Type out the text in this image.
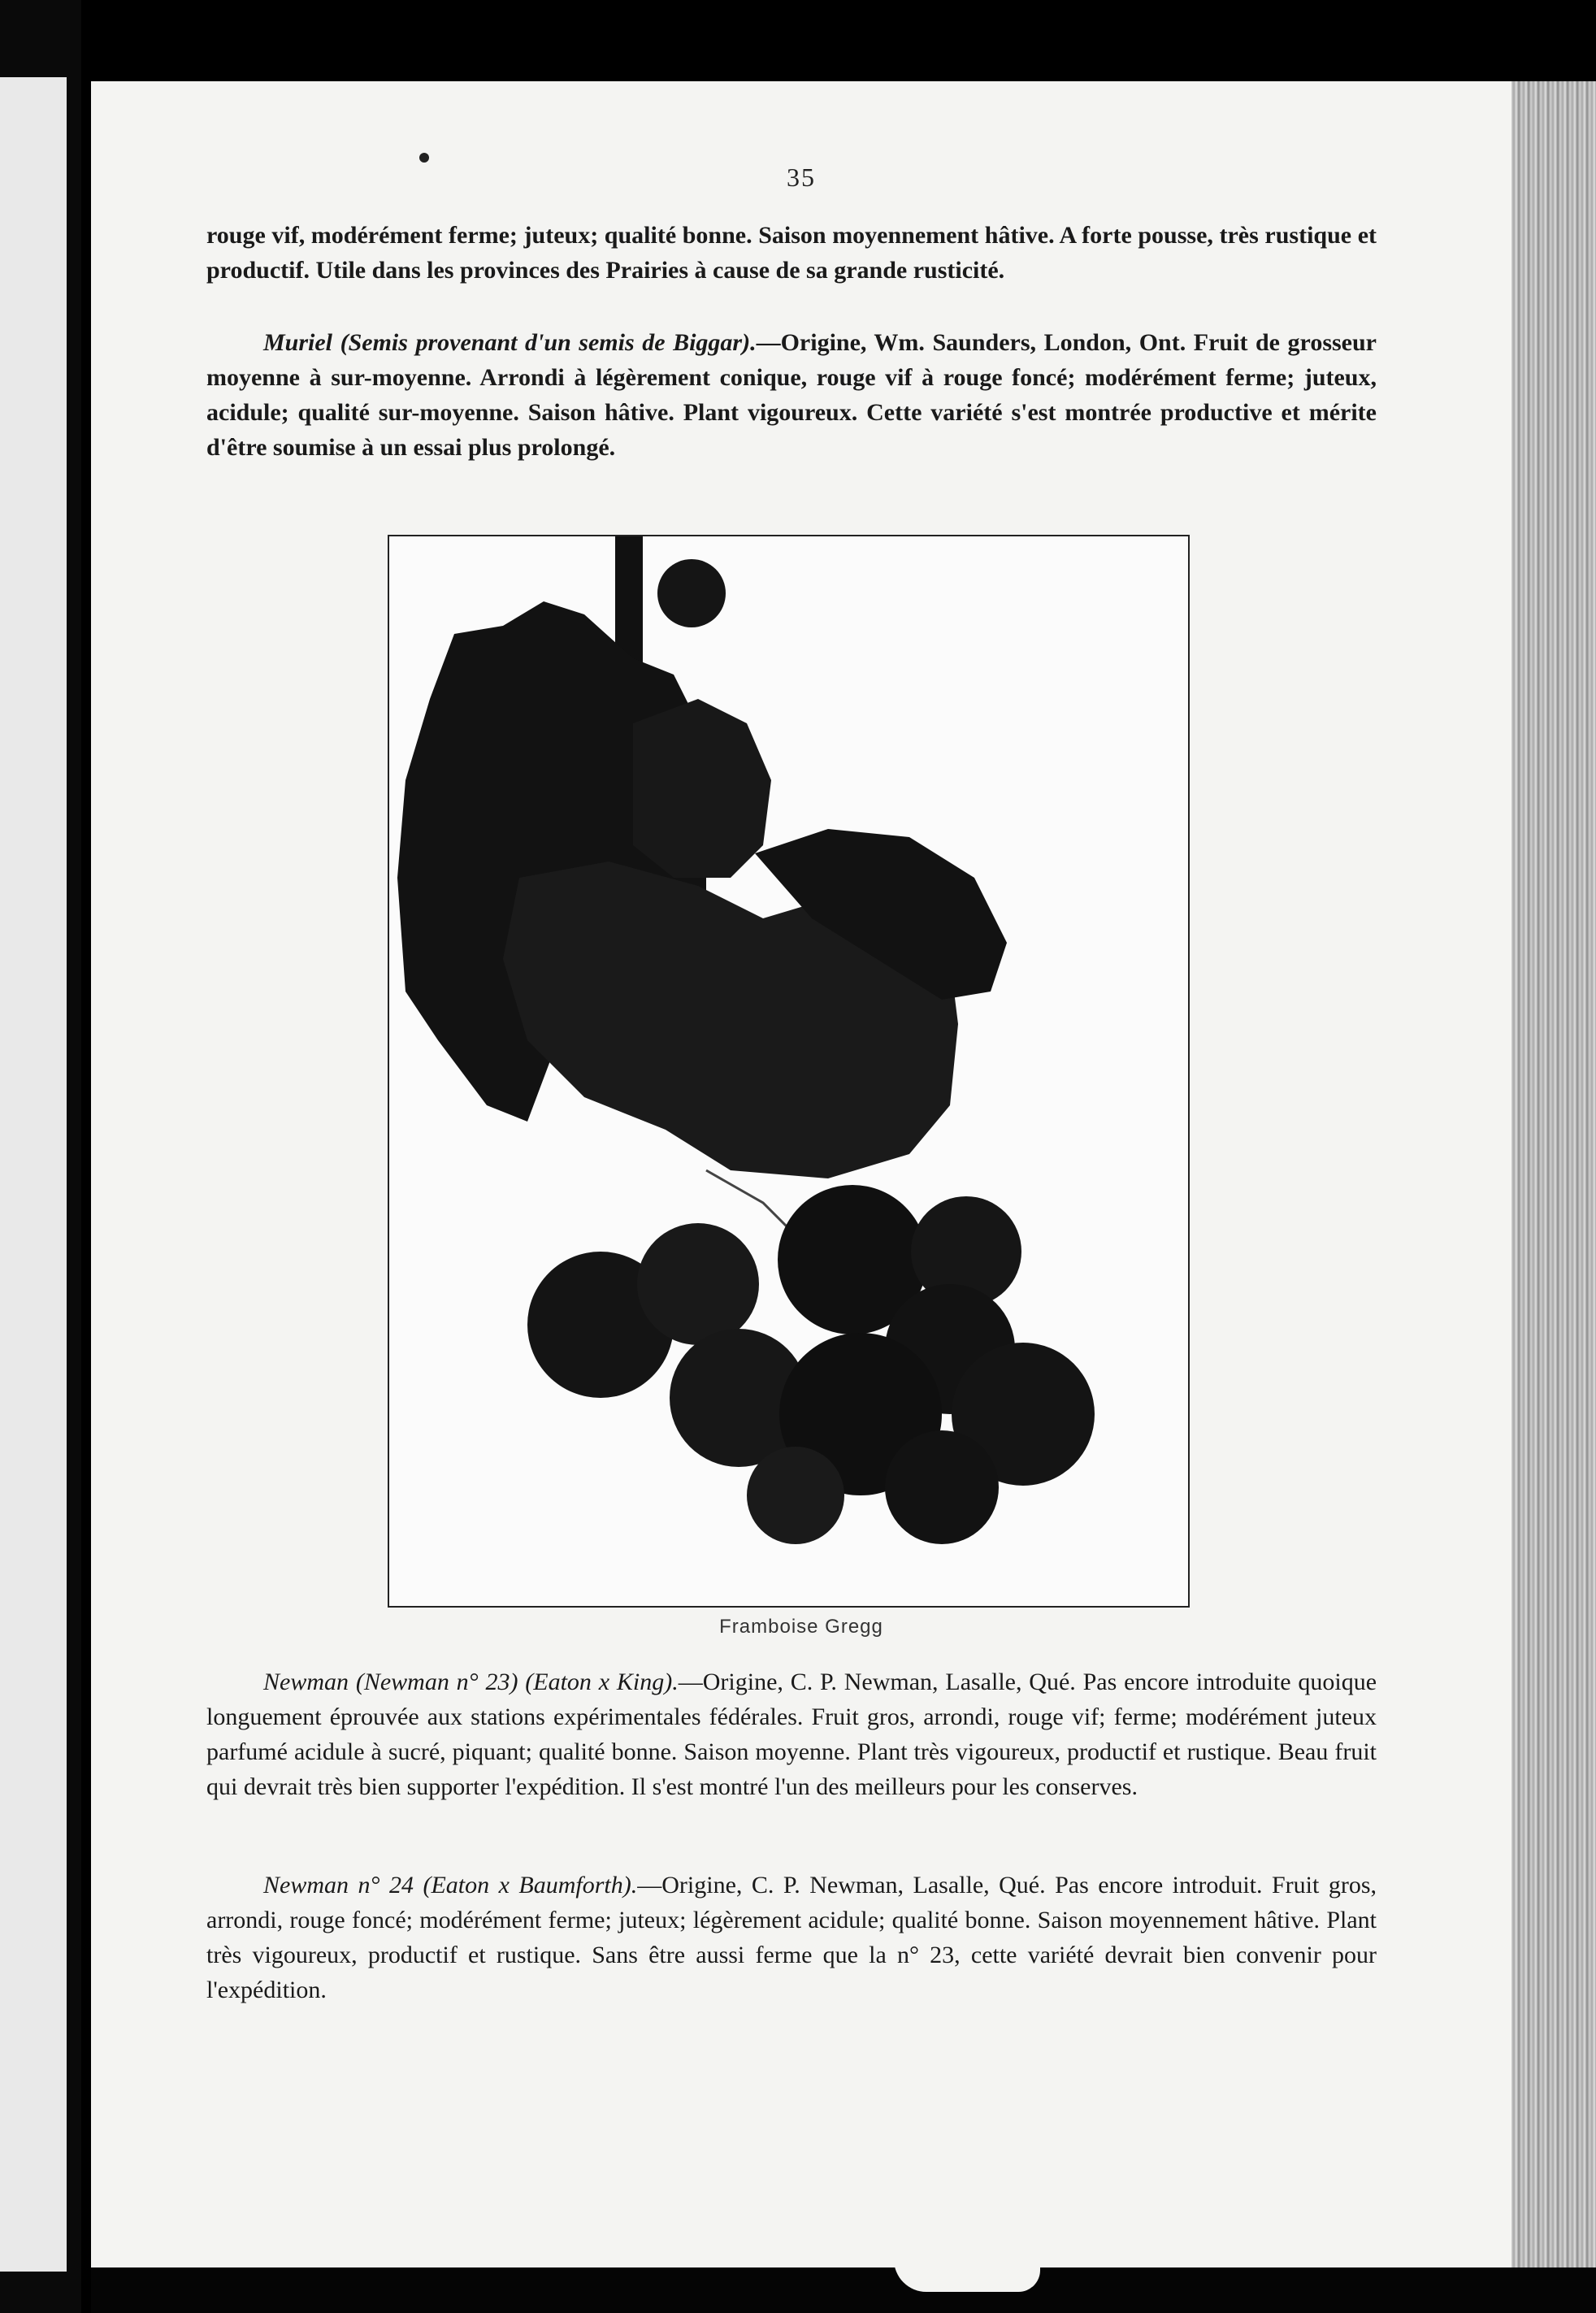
35
rouge vif, modérément ferme; juteux; qualité bonne. Saison moyennement hâtive. A forte pousse, très rustique et productif. Utile dans les provinces des Prairies à cause de sa grande rusticité.
Muriel (Semis provenant d'un semis de Biggar).—Origine, Wm. Saunders, London, Ont. Fruit de grosseur moyenne à sur-moyenne. Arrondi à légèrement conique, rouge vif à rouge foncé; modérément ferme; juteux, acidule; qualité sur-moyenne. Saison hâtive. Plant vigoureux. Cette variété s'est montrée productive et mérite d'être soumise à un essai plus prolongé.
Framboise Gregg
Newman (Newman n° 23) (Eaton x King).—Origine, C. P. Newman, Lasalle, Qué. Pas encore introduite quoique longuement éprouvée aux stations expérimentales fédérales. Fruit gros, arrondi, rouge vif; ferme; modérément juteux parfumé acidule à sucré, piquant; qualité bonne. Saison moyenne. Plant très vigoureux, productif et rustique. Beau fruit qui devrait très bien supporter l'expédition. Il s'est montré l'un des meilleurs pour les conserves.
Newman n° 24 (Eaton x Baumforth).—Origine, C. P. Newman, Lasalle, Qué. Pas encore introduit. Fruit gros, arrondi, rouge foncé; modérément ferme; juteux; légèrement acidule; qualité bonne. Saison moyennement hâtive. Plant très vigoureux, productif et rustique. Sans être aussi ferme que la n° 23, cette variété devrait bien convenir pour l'expédition.
